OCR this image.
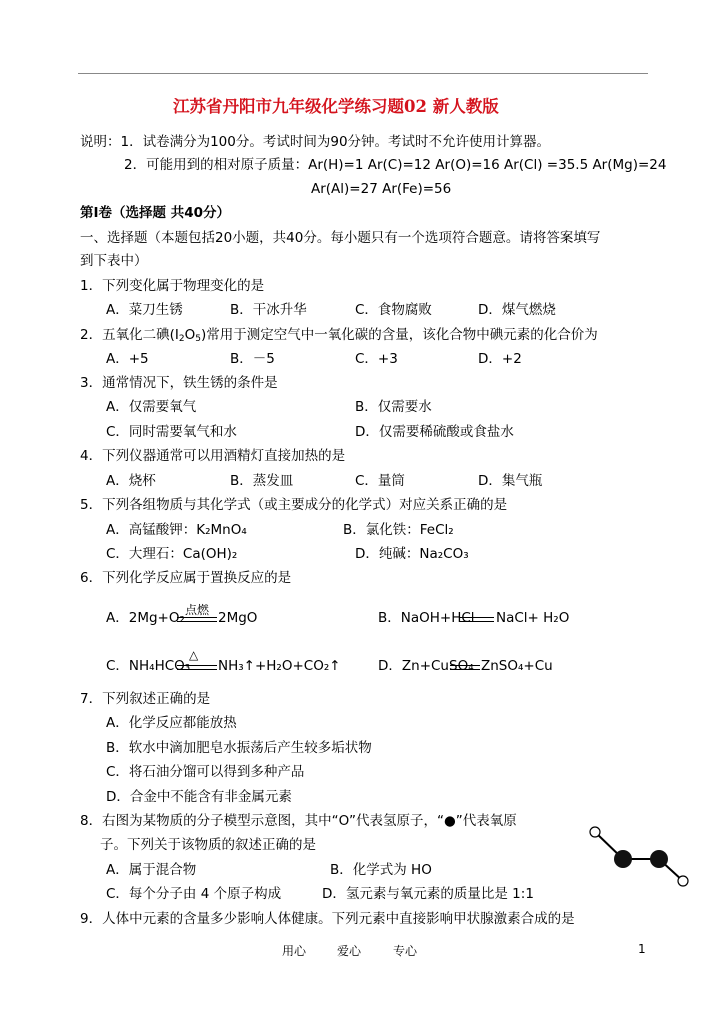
江苏省丹阳市九年级化学练习题02 新人教版
说明：1．试卷满分为100分。考试时间为90分钟。考试时不允许使用计算器。
2．可能用到的相对原子质量：Ar(H)=1 Ar(C)=12 Ar(O)=16 Ar(Cl) =35.5 Ar(Mg)=24
Ar(Al)=27 Ar(Fe)=56
第Ⅰ卷（选择题 共40分）
一、选择题（本题包括20小题，共40分。每小题只有一个选项符合题意。请将答案填写
到下表中）
1．下列变化属于物理变化的是
A．菜刀生锈	B．干冰升华	C．食物腐败	D．煤气燃烧
2．五氧化二碘$(I_2O_5)$常用于测定空气中一氧化碳的含量，该化合物中碘元素的化合价为
A．+5	B．－5	C．+3	D．+2
3．通常情况下，铁生锈的条件是
A．仅需要氧气	B．仅需要水
C．同时需要氧气和水	D．仅需要稀硫酸或食盐水
4．下列仪器通常可以用酒精灯直接加热的是
A．烧杯	B．蒸发皿	C．量筒	D．集气瓶
5．下列各组物质与其化学式（或主要成分的化学式）对应关系正确的是
A．高锰酸钾：K₂MnO₄	B．氯化铁：FeCl₂
C．大理石：Ca(OH)₂	D．纯碱：Na₂CO₃
6．下列化学反应属于置换反应的是
A．2Mg+O₂ 点燃 2MgO	B．NaOH+HCl NaCl+ H₂O
C．NH₄HCO₃
△
NH₃↑+H₂O+CO₂↑	D．Zn+CuSO₄ ZnSO₄+Cu
7．下列叙述正确的是
A．化学反应都能放热
B．软水中滴加肥皂水振荡后产生较多垢状物
C．将石油分馏可以得到多种产品
D．合金中不能含有非金属元素
8．右图为某物质的分子模型示意图，其中“O”代表氢原子，“●”代表氧原
子。下列关于该物质的叙述正确的是
A．属于混合物	B．化学式为 HO
C．每个分子由 4 个原子构成	D．氢元素与氧元素的质量比是 1:1
9．人体中元素的含量多少影响人体健康。下列元素中直接影响甲状腺激素合成的是
用心	爱心	专心	1
